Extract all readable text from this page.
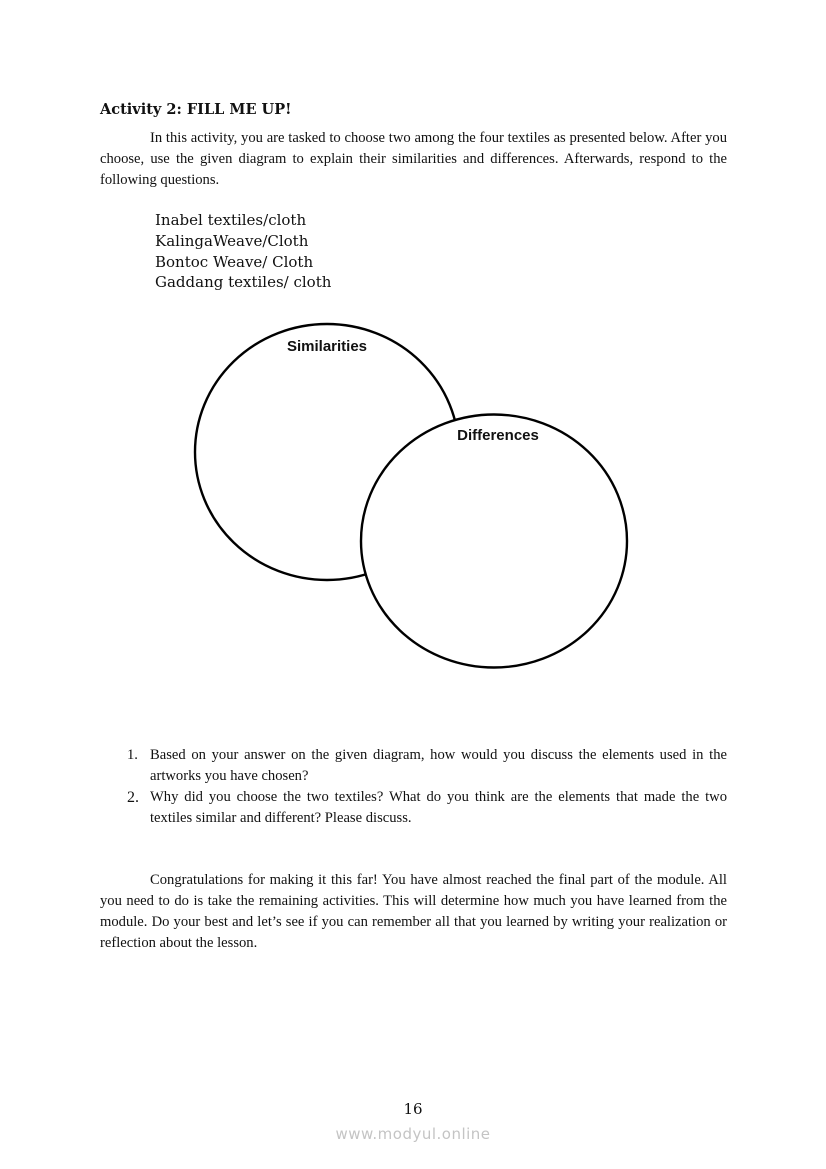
Activity 2: FILL ME UP!
In this activity, you are tasked to choose two among the four textiles as presented below. After you choose, use the given diagram to explain their similarities and differences. Afterwards, respond to the following questions.
Inabel textiles/cloth
KalingaWeave/Cloth
Bontoc Weave/ Cloth
Gaddang textiles/ cloth
Similarities
Differences
1. Based on your answer on the given diagram, how would you discuss the elements used in the artworks you have chosen?
2. Why did you choose the two textiles? What do you think are the elements that made the two textiles similar and different? Please discuss.
Congratulations for making it this far! You have almost reached the final part of the module. All you need to do is take the remaining activities. This will determine how much you have learned from the module. Do your best and let’s see if you can remember all that you learned by writing your realization or reflection about the lesson.
16
www.modyul.online
